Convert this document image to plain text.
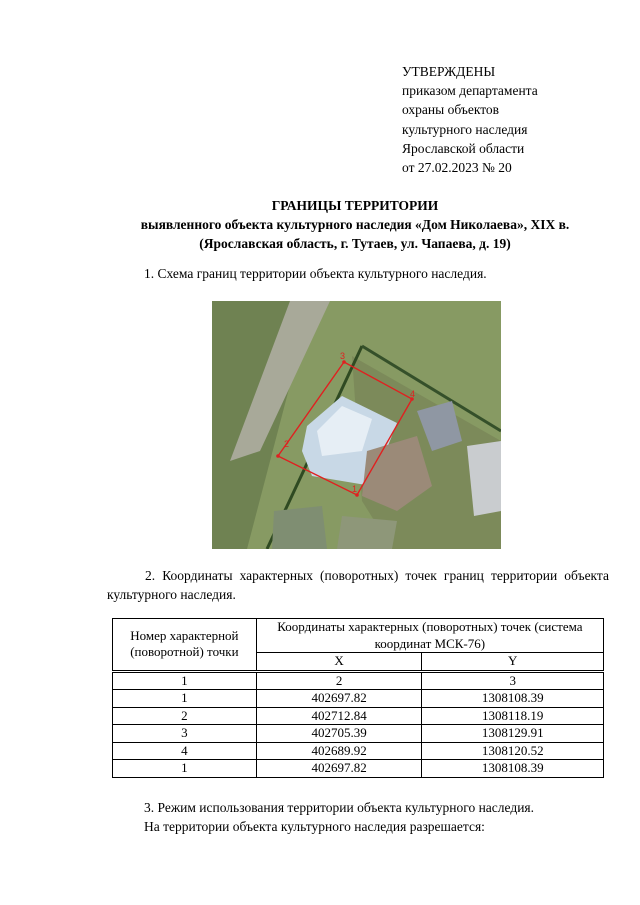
УТВЕРЖДЕНЫ
приказом департамента
охраны объектов
культурного наследия
Ярославской области
от 27.02.2023 № 20
ГРАНИЦЫ ТЕРРИТОРИИ
выявленного объекта культурного наследия «Дом Николаева», XIX в.
(Ярославская область, г. Тутаев, ул. Чапаева, д. 19)
1. Схема границ территории объекта культурного наследия.
1
2
3
4
2. Координаты характерных (поворотных) точек границ территории объекта культурного наследия.
Номер характерной (поворотной) точки	Координаты характерных (поворотных) точек (система координат МСК-76)	
	X	Y
1	2	3
1	402697.82	1308108.39
2	402712.84	1308118.19
3	402705.39	1308129.91
4	402689.92	1308120.52
1	402697.82	1308108.39
3. Режим использования территории объекта культурного наследия.
На территории объекта культурного наследия разрешается:
